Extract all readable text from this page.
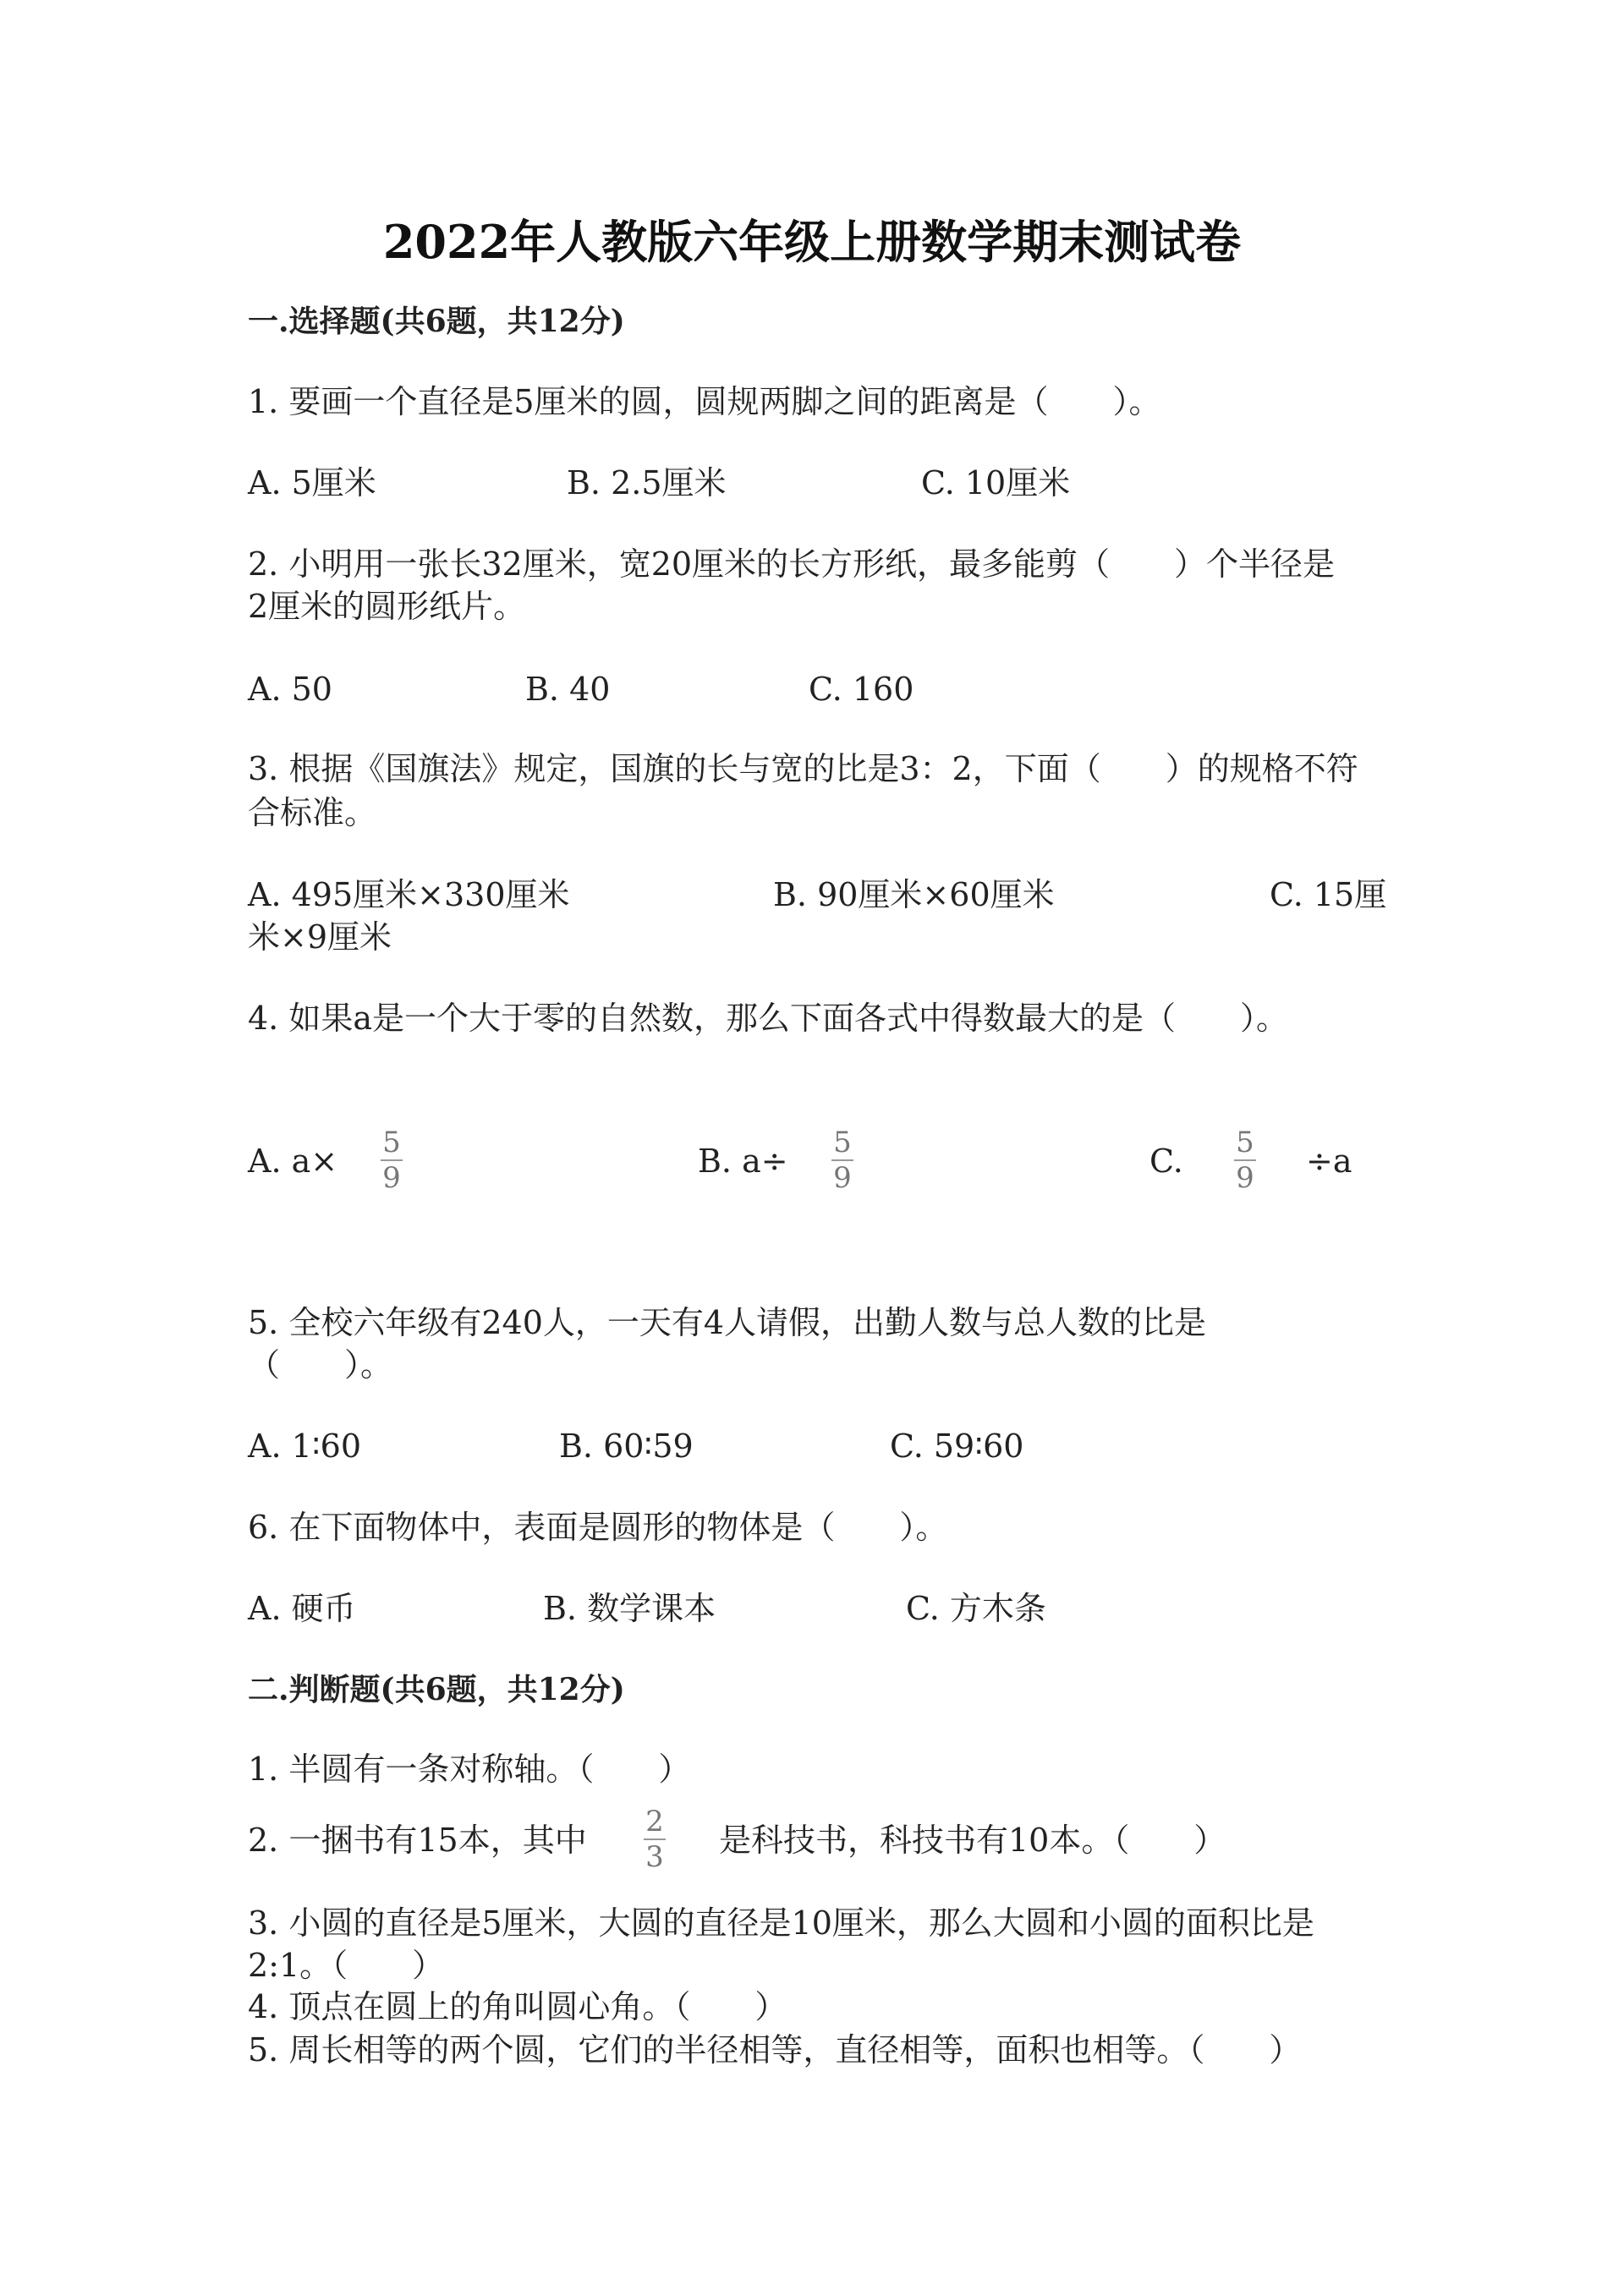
2022年人教版六年级上册数学期末测试卷
一.选择题(共6题，共12分)
1. 要画一个直径是5厘米的圆，圆规两脚之间的距离是（　　）。
A. 5厘米	B. 2.5厘米	C. 10厘米
2. 小明用一张长32厘米，宽20厘米的长方形纸，最多能剪（　　）个半径是
2厘米的圆形纸片。
A. 50	B. 40	C. 160
3. 根据《国旗法》规定，国旗的长与宽的比是3：2，下面（　　）的规格不符
合标准。
A. 495厘米×330厘米	B. 90厘米×60厘米	C. 15厘
米×9厘米
4. 如果a是一个大于零的自然数，那么下面各式中得数最大的是（　　）。
A. a× 5
9	B. a÷ 5
9	C. 5
9 ÷a
5. 全校六年级有240人，一天有4人请假，出勤人数与总人数的比是
（　　）。
A. 1∶60	B. 60∶59	C. 59∶60
6. 在下面物体中，表面是圆形的物体是（　　）。
A. 硬币	B. 数学课本	C. 方木条
二.判断题(共6题，共12分)
1. 半圆有一条对称轴。（　　）
2. 一捆书有15本，其中 2
3 是科技书，科技书有10本。（　　）
3. 小圆的直径是5厘米，大圆的直径是10厘米，那么大圆和小圆的面积比是
2:1。（　　）
4. 顶点在圆上的角叫圆心角。（　　）
5. 周长相等的两个圆，它们的半径相等，直径相等，面积也相等。（　　）
